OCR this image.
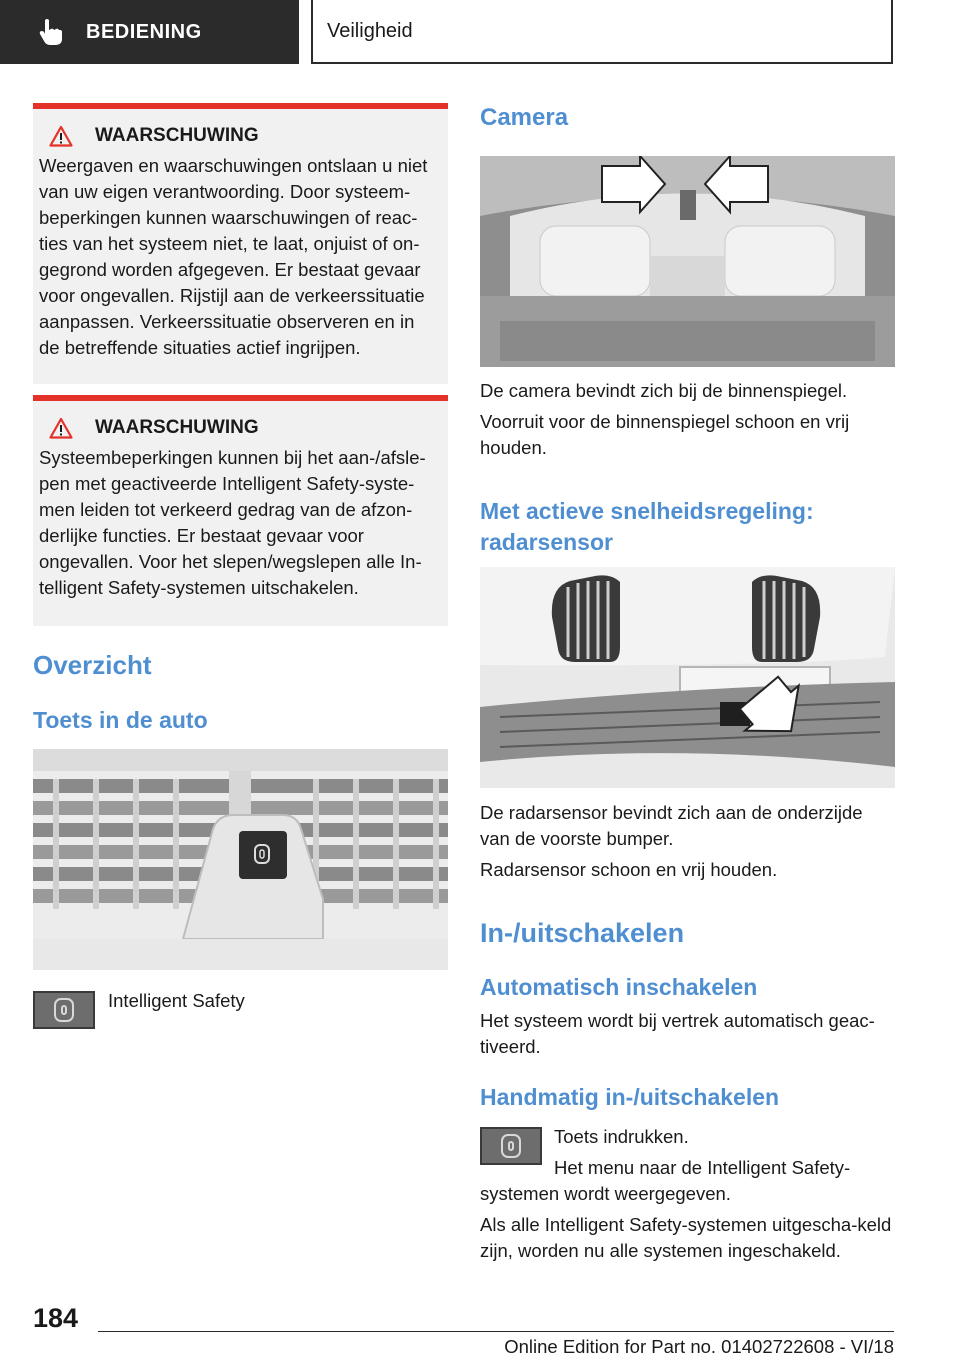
BEDIENING	Veiligheid
WAARSCHUWING
Weergaven en waarschuwingen ontslaan u niet van uw eigen verantwoording. Door systeem-beperkingen kunnen waarschuwingen of reac-ties van het systeem niet, te laat, onjuist of on-gegrond worden afgegeven. Er bestaat gevaar voor ongevallen. Rijstijl aan de verkeerssituatie aanpassen. Verkeerssituatie observeren en in de betreffende situaties actief ingrijpen.
WAARSCHUWING
Systeembeperkingen kunnen bij het aan-/afsle-pen met geactiveerde Intelligent Safety-syste-men leiden tot verkeerd gedrag van de afzon-derlijke functies. Er bestaat gevaar voor ongevallen. Voor het slepen/wegslepen alle In-telligent Safety-systemen uitschakelen.
Overzicht
Toets in de auto

Intelligent Safety

Camera

De camera bevindt zich bij de binnenspiegel.

Voorruit voor de binnenspiegel schoon en vrij houden.

Met actieve snelheidsregeling: radarsensor

De radarsensor bevindt zich aan de onderzijde van de voorste bumper.

Radarsensor schoon en vrij houden.

In-/uitschakelen
Automatisch inschakelen

Het systeem wordt bij vertrek automatisch geac-tiveerd.

Handmatig in-/uitschakelen

Toets indrukken.

Het menu naar de Intelligent Safety-

systemen wordt weergegeven.

Als alle Intelligent Safety-systemen uitgescha-keld zijn, worden nu alle systemen ingeschakeld.

184
Online Edition for Part no. 01402722608 - VI/18
